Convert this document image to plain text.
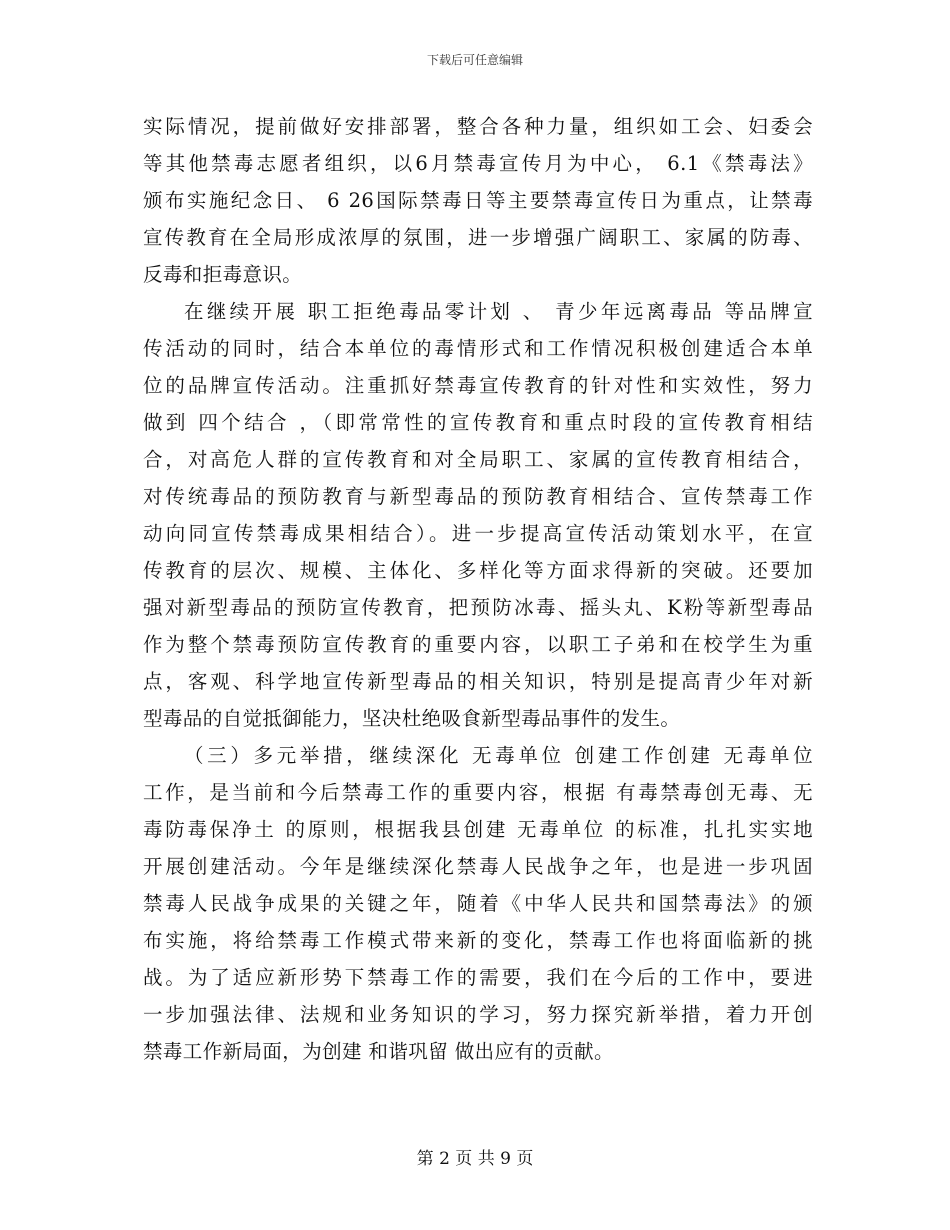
下载后可任意编辑
实际情况，提前做好安排部署，整合各种力量，组织如工会、妇委会
等其他禁毒志愿者组织，以6月禁毒宣传月为中心， 6.1《禁毒法》
颁布实施纪念日、 6 26国际禁毒日等主要禁毒宣传日为重点，让禁毒
宣传教育在全局形成浓厚的氛围，进一步增强广阔职工、家属的防毒、
反毒和拒毒意识。
在继续开展 职工拒绝毒品零计划 、 青少年远离毒品 等品牌宣
传活动的同时，结合本单位的毒情形式和工作情况积极创建适合本单
位的品牌宣传活动。注重抓好禁毒宣传教育的针对性和实效性，努力
做到 四个结合 ，（即常常性的宣传教育和重点时段的宣传教育相结
合，对高危人群的宣传教育和对全局职工、家属的宣传教育相结合，
对传统毒品的预防教育与新型毒品的预防教育相结合、宣传禁毒工作
动向同宣传禁毒成果相结合）。进一步提高宣传活动策划水平，在宣
传教育的层次、规模、主体化、多样化等方面求得新的突破。还要加
强对新型毒品的预防宣传教育，把预防冰毒、摇头丸、K粉等新型毒品
作为整个禁毒预防宣传教育的重要内容，以职工子弟和在校学生为重
点，客观、科学地宣传新型毒品的相关知识，特别是提高青少年对新
型毒品的自觉抵御能力，坚决杜绝吸食新型毒品事件的发生。
（三）多元举措，继续深化 无毒单位 创建工作创建 无毒单位
工作，是当前和今后禁毒工作的重要内容，根据 有毒禁毒创无毒、无
毒防毒保净土 的原则，根据我县创建 无毒单位 的标准，扎扎实实地
开展创建活动。今年是继续深化禁毒人民战争之年，也是进一步巩固
禁毒人民战争成果的关键之年，随着《中华人民共和国禁毒法》的颁
布实施，将给禁毒工作模式带来新的变化，禁毒工作也将面临新的挑
战。为了适应新形势下禁毒工作的需要，我们在今后的工作中，要进
一步加强法律、法规和业务知识的学习，努力探究新举措，着力开创
禁毒工作新局面，为创建 和谐巩留 做出应有的贡献。
第 2 页 共 9 页
